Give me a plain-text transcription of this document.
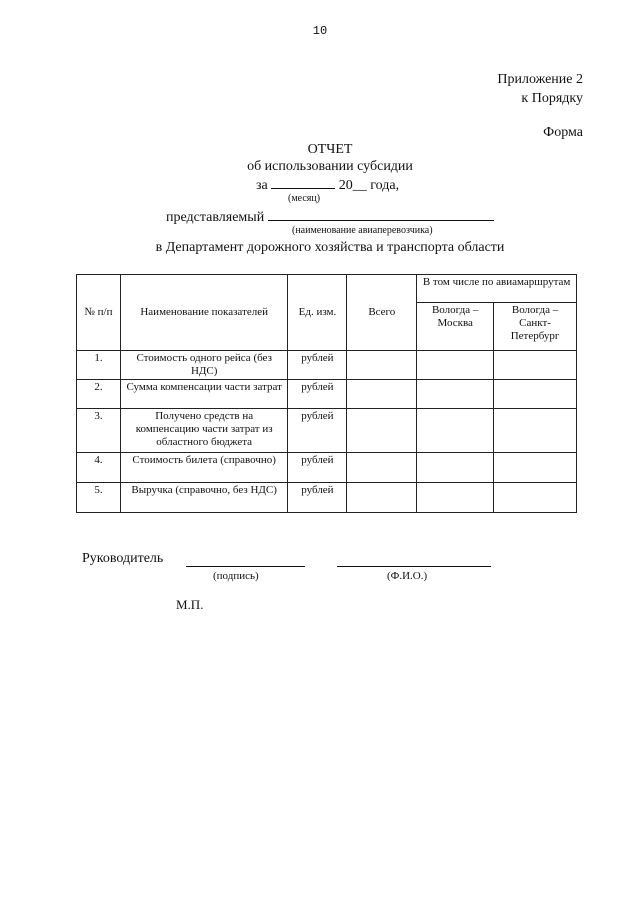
10
Приложение 2
к Порядку
Форма
ОТЧЕТ
об использовании субсидии
за	20__ года,
(месяц)
представляемый
(наименование авиаперевозчика)
в Департамент дорожного хозяйства и транспорта области
№ п/п	Наименование показателей	Ед. изм.	Всего	В том числе по авиамаршрутам	
				Вологда – Москва	Вологда – Санкт-Петербург
1.	Стоимость одного рейса (без НДС)	рублей			
2.	Сумма компенсации части затрат	рублей			
3.	Получено средств на компенсацию части затрат из областного бюджета	рублей			
4.	Стоимость билета (справочно)	рублей			
5.	Выручка (справочно, без НДС)	рублей			
Руководитель
(подпись)	(Ф.И.О.)
М.П.
